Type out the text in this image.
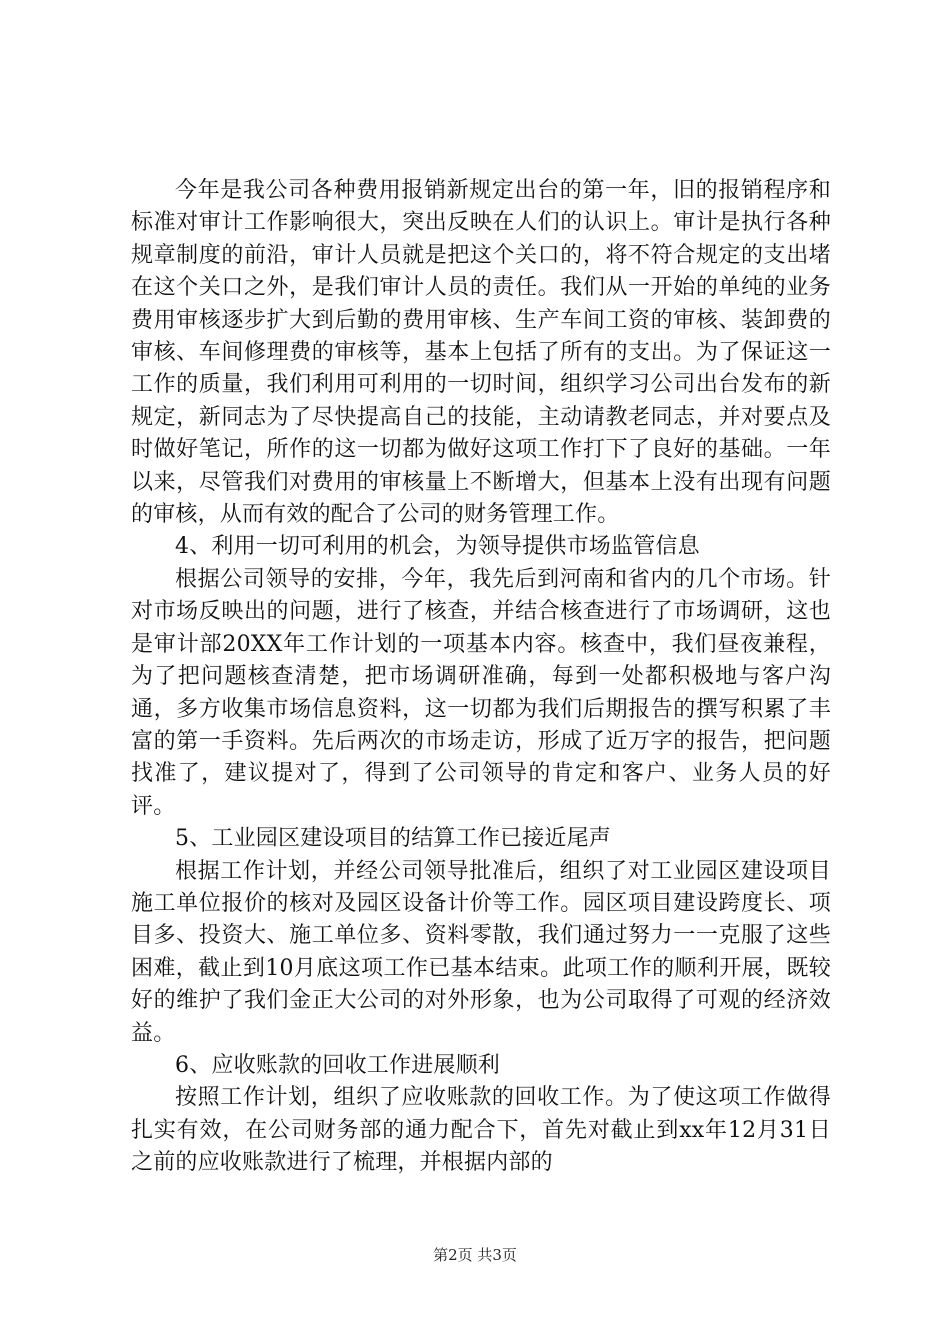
今年是我公司各种费用报销新规定出台的第一年，旧的报销程序和标准对审计工作影响很大，突出反映在人们的认识上。审计是执行各种规章制度的前沿，审计人员就是把这个关口的，将不符合规定的支出堵在这个关口之外，是我们审计人员的责任。我们从一开始的单纯的业务费用审核逐步扩大到后勤的费用审核、生产车间工资的审核、装卸费的审核、车间修理费的审核等，基本上包括了所有的支出。为了保证这一工作的质量，我们利用可利用的一切时间，组织学习公司出台发布的新规定，新同志为了尽快提高自己的技能，主动请教老同志，并对要点及时做好笔记，所作的这一切都为做好这项工作打下了良好的基础。一年以来，尽管我们对费用的审核量上不断增大，但基本上没有出现有问题的审核，从而有效的配合了公司的财务管理工作。

4、利用一切可利用的机会，为领导提供市场监管信息

根据公司领导的安排，今年，我先后到河南和省内的几个市场。针对市场反映出的问题，进行了核查，并结合核查进行了市场调研，这也是审计部20XX年工作计划的一项基本内容。核查中，我们昼夜兼程，为了把问题核查清楚，把市场调研准确，每到一处都积极地与客户沟通，多方收集市场信息资料，这一切都为我们后期报告的撰写积累了丰富的第一手资料。先后两次的市场走访，形成了近万字的报告，把问题找准了，建议提对了，得到了公司领导的肯定和客户、业务人员的好评。

5、工业园区建设项目的结算工作已接近尾声

根据工作计划，并经公司领导批准后，组织了对工业园区建设项目施工单位报价的核对及园区设备计价等工作。园区项目建设跨度长、项目多、投资大、施工单位多、资料零散，我们通过努力一一克服了这些困难，截止到10月底这项工作已基本结束。此项工作的顺利开展，既较好的维护了我们金正大公司的对外形象，也为公司取得了可观的经济效益。

6、应收账款的回收工作进展顺利

按照工作计划，组织了应收账款的回收工作。为了使这项工作做得扎实有效，在公司财务部的通力配合下，首先对截止到xx年12月31日之前的应收账款进行了梳理，并根据内部的

第2页 共3页
